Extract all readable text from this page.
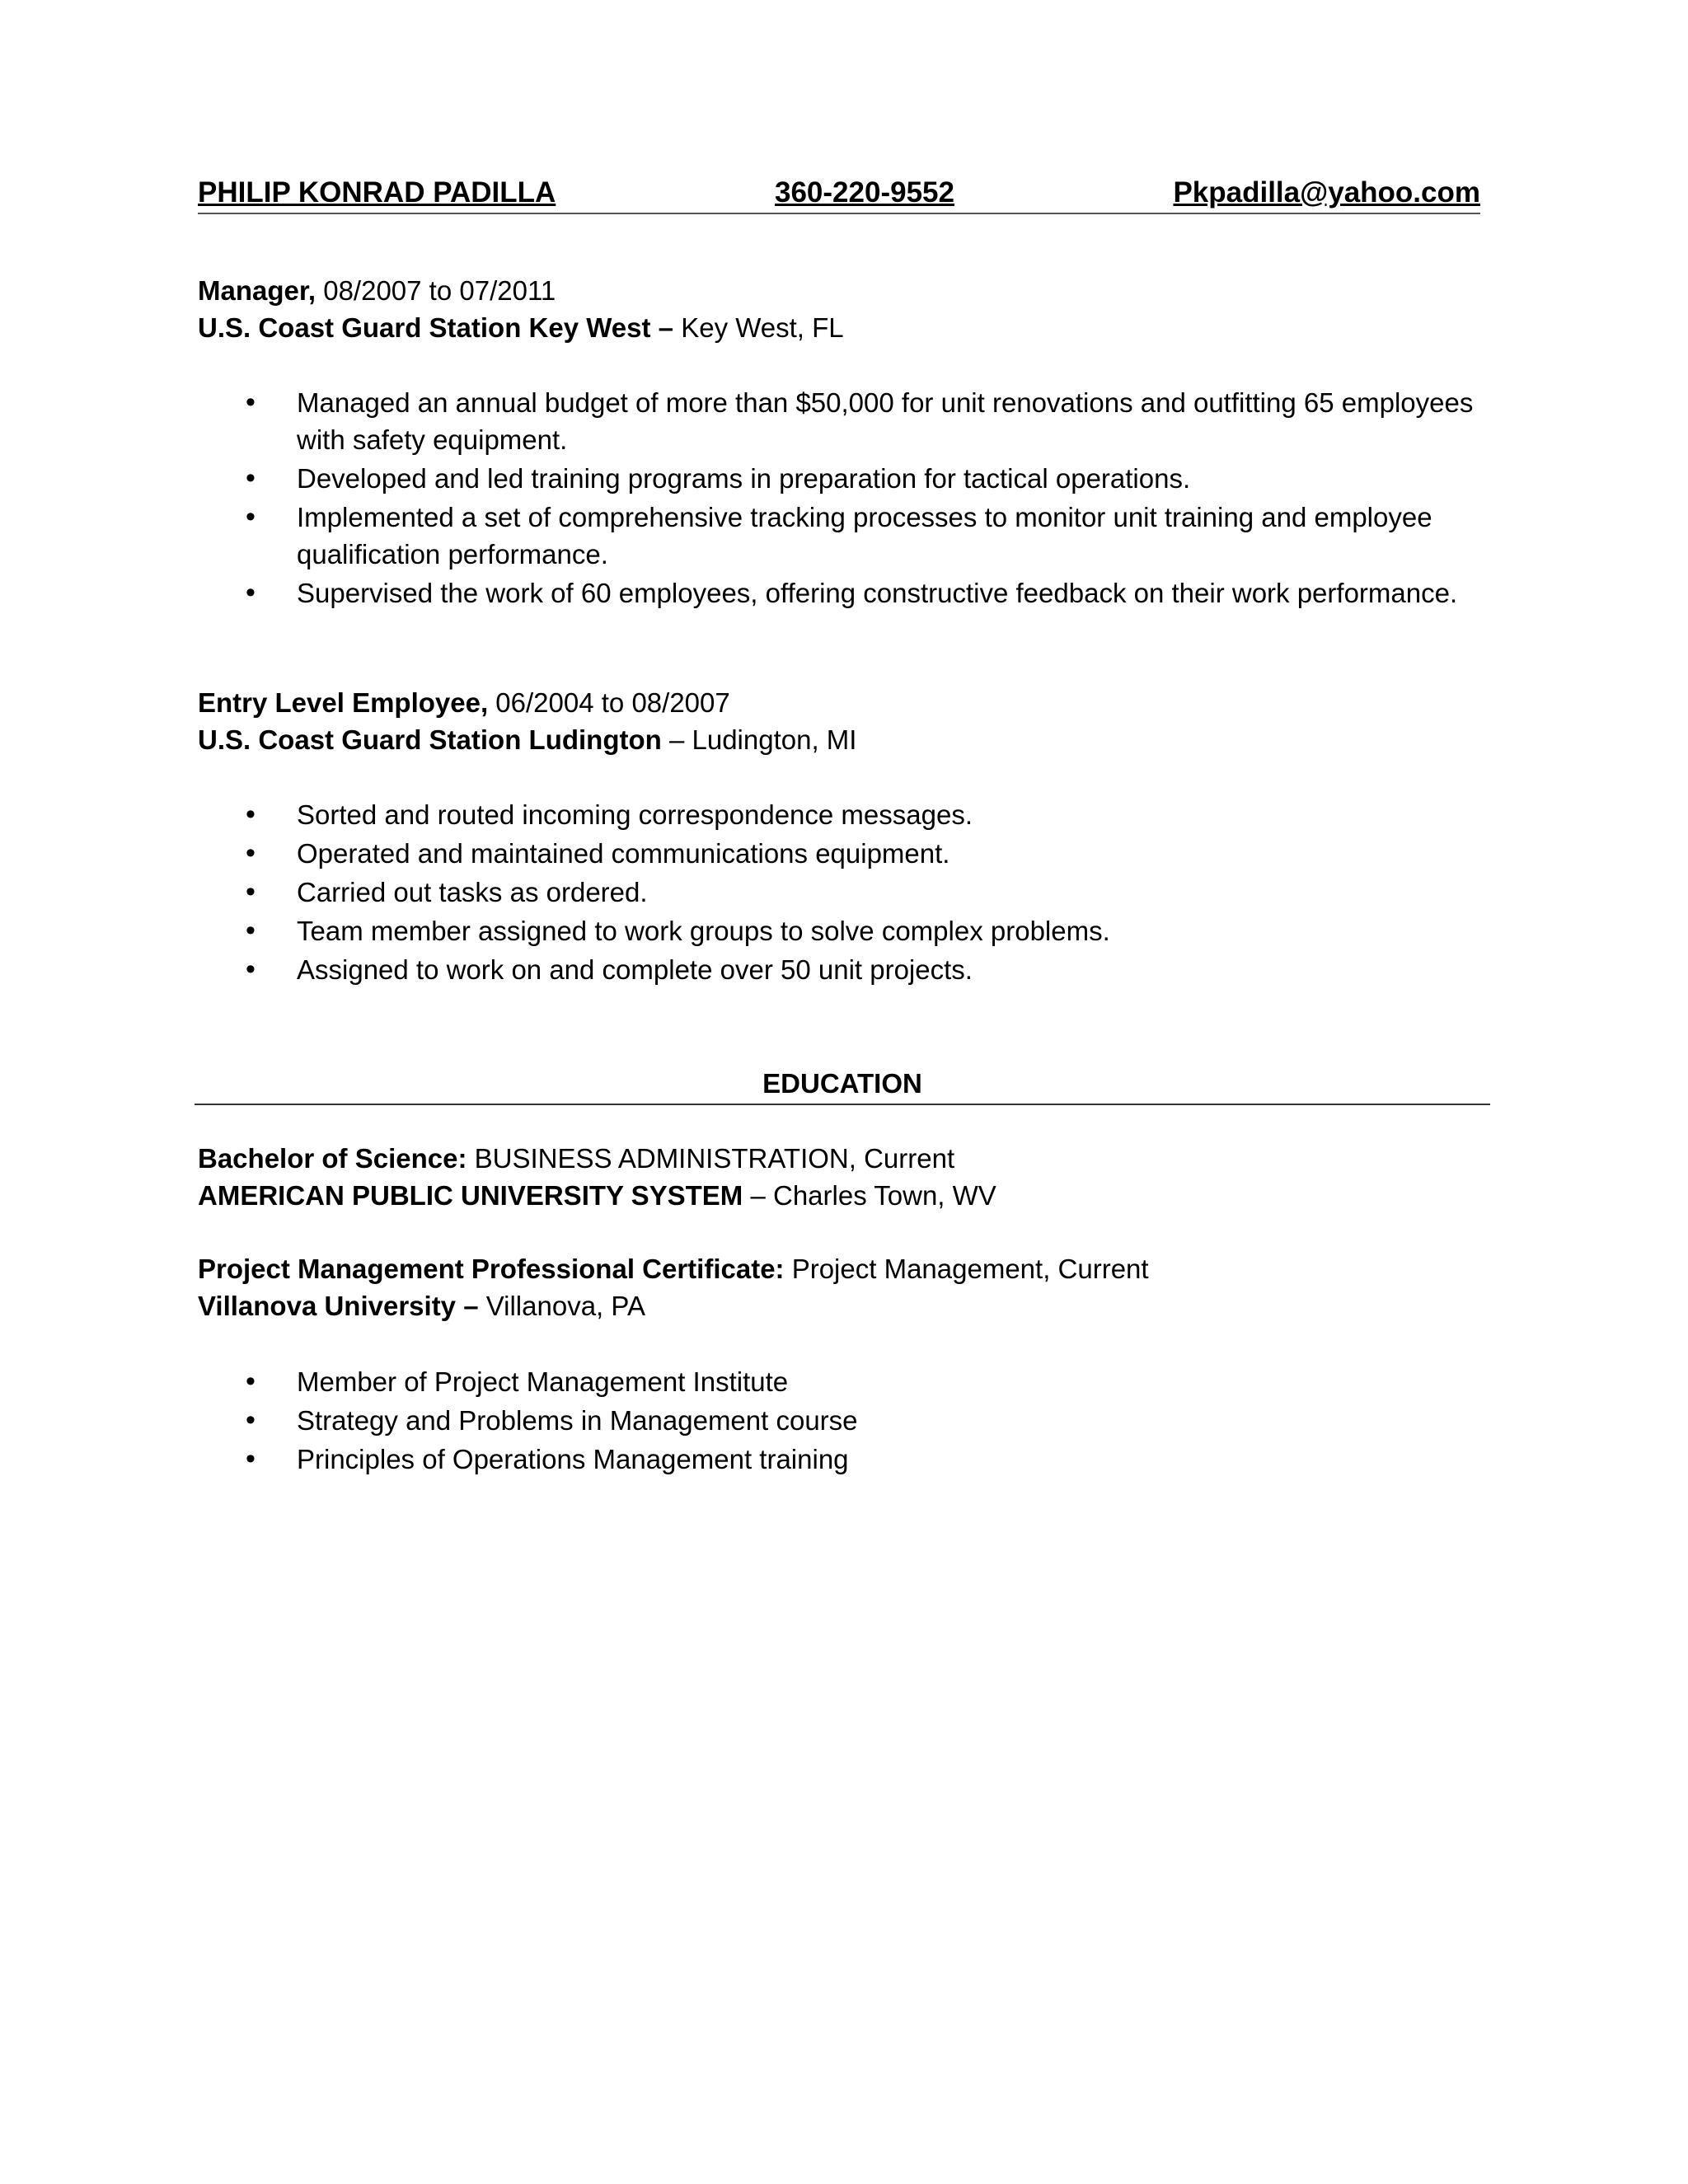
PHILIP KONRAD PADILLA	360-220-9552	Pkpadilla@yahoo.com
Manager, 08/2007 to 07/2011
U.S. Coast Guard Station Key West – Key West, FL
• Managed an annual budget of more than $50,000 for unit renovations and outfitting 65 employees with safety equipment.
• Developed and led training programs in preparation for tactical operations.
• Implemented a set of comprehensive tracking processes to monitor unit training and employee qualification performance.
• Supervised the work of 60 employees, offering constructive feedback on their work performance.
Entry Level Employee, 06/2004 to 08/2007
U.S. Coast Guard Station Ludington – Ludington, MI
• Sorted and routed incoming correspondence messages.
• Operated and maintained communications equipment.
• Carried out tasks as ordered.
• Team member assigned to work groups to solve complex problems.
• Assigned to work on and complete over 50 unit projects.
EDUCATION
Bachelor of Science: BUSINESS ADMINISTRATION, Current
AMERICAN PUBLIC UNIVERSITY SYSTEM – Charles Town, WV
Project Management Professional Certificate: Project Management, Current
Villanova University – Villanova, PA
• Member of Project Management Institute
• Strategy and Problems in Management course
• Principles of Operations Management training
